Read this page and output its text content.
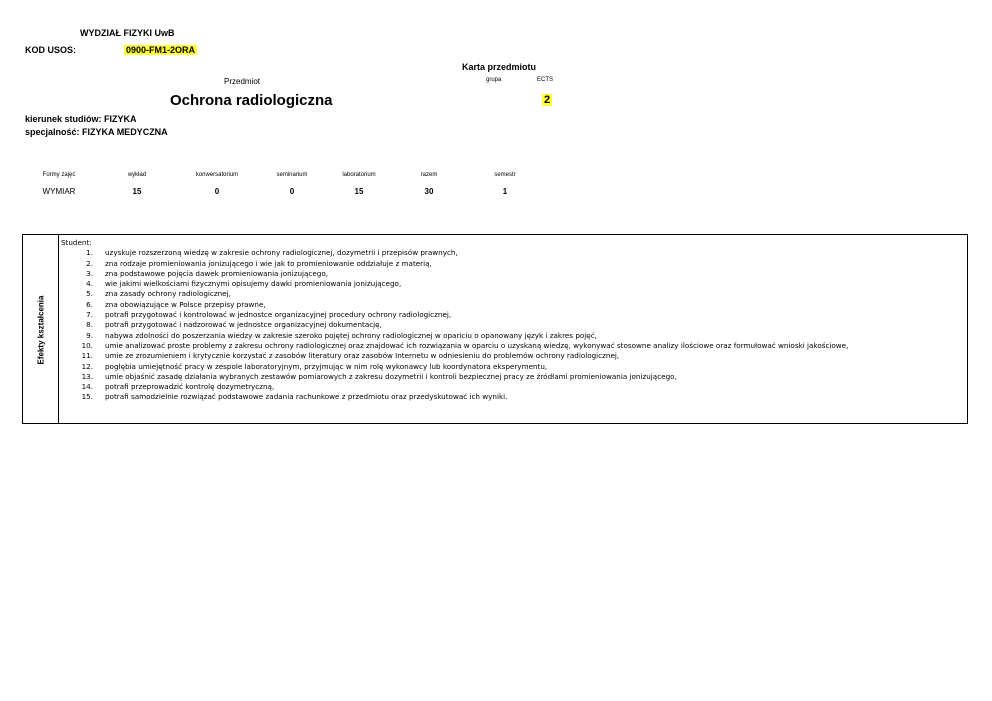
WYDZIAŁ FIZYKI UwB
KOD USOS:	0900-FM1-2ORA
Karta przedmiotu
grupa	ECTS
Przedmiot
Ochrona radiologiczna	2
kierunek studiów: FIZYKA
specjalność: FIZYKA MEDYCZNA
Formy zajęć	wykład	konwersatorium	seminarium	laboratorium	razem	semestr
WYMIAR	15	0	0	15	30	1
Efekty kształcenia
Student:
1. uzyskuje rozszerzoną wiedzę w zakresie ochrony radiologicznej, dozymetrii i przepisów prawnych,
2. zna rodzaje promieniowania jonizującego i wie jak to promieniowanie oddziałuje z materią,
3. zna podstawowe pojęcia dawek promieniowania jonizującego,
4. wie jakimi wielkościami fizycznymi opisujemy dawki promieniowania jonizującego,
5. zna zasady ochrony radiologicznej,
6. zna obowiązujące w Polsce przepisy prawne,
7. potrafi przygotować i kontrolować w jednostce organizacyjnej procedury ochrony radiologicznej,
8. potrafi przygotować i nadzorować w jednostce organizacyjnej dokumentację,
9. nabywa zdolności do poszerzania wiedzy w zakresie szeroko pojętej ochrony radiologicznej w opariciu o opanowany język i zakres pojęć,
10. umie analizować proste problemy z zakresu ochrony radiologicznej oraz znajdować ich rozwiązania w oparciu o uzyskaną wiedzę, wykonywać stosowne analizy ilościowe oraz formułować wnioski jakościowe,
11. umie ze zrozumieniem i krytycznie korzystać z zasobów literatury oraz zasobów Internetu w odniesieniu do problemów ochrony radiologicznej,
12. pogłębia umiejętność pracy w zespole laboratoryjnym, przyjmując w nim rolę wykonawcy lub koordynatora eksperymentu,
13. umie objaśnić zasadę działania wybranych zestawów pomiarowych z zakresu dozymetrii i kontroli bezpiecznej pracy ze źródłami promieniowania jonizującego,
14. potrafi przeprowadzić kontrolę dozymetryczną,
15. potrafi samodzielnie rozwiązać podstawowe zadania rachunkowe z przedmiotu oraz przedyskutować ich wyniki.
